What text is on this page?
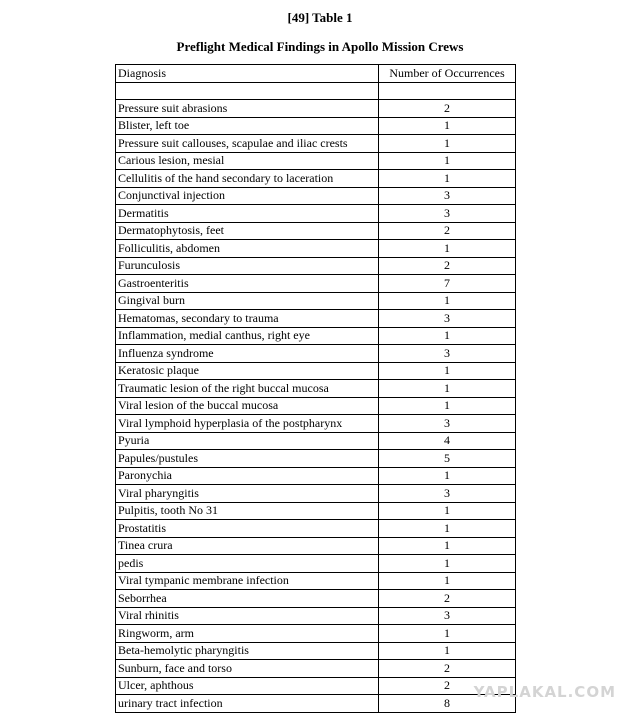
[49] Table 1
Preflight Medical Findings in Apollo Mission Crews
Diagnosis	Number of Occurrences

Pressure suit abrasions	2
Blister, left toe	1
Pressure suit callouses, scapulae and iliac crests	1
Carious lesion, mesial	1
Cellulitis of the hand secondary to laceration	1
Conjunctival injection	3
Dermatitis	3
Dermatophytosis, feet	2
Folliculitis, abdomen	1
Furunculosis	2
Gastroenteritis	7
Gingival burn	1
Hematomas, secondary to trauma	3
Inflammation, medial canthus, right eye	1
Influenza syndrome	3
Keratosic plaque	1
Traumatic lesion of the right buccal mucosa	1
Viral lesion of the buccal mucosa	1
Viral lymphoid hyperplasia of the postpharynx	3
Pyuria	4
Papules/pustules	5
Paronychia	1
Viral pharyngitis	3
Pulpitis, tooth No 31	1
Prostatitis	1
Tinea crura	1
pedis	1
Viral tympanic membrane infection	1
Seborrhea	2
Viral rhinitis	3
Ringworm, arm	1
Beta-hemolytic pharyngitis	1
Sunburn, face and torso	2
Ulcer, aphthous	2
urinary tract infection	8
YAPLAKAL.COM
